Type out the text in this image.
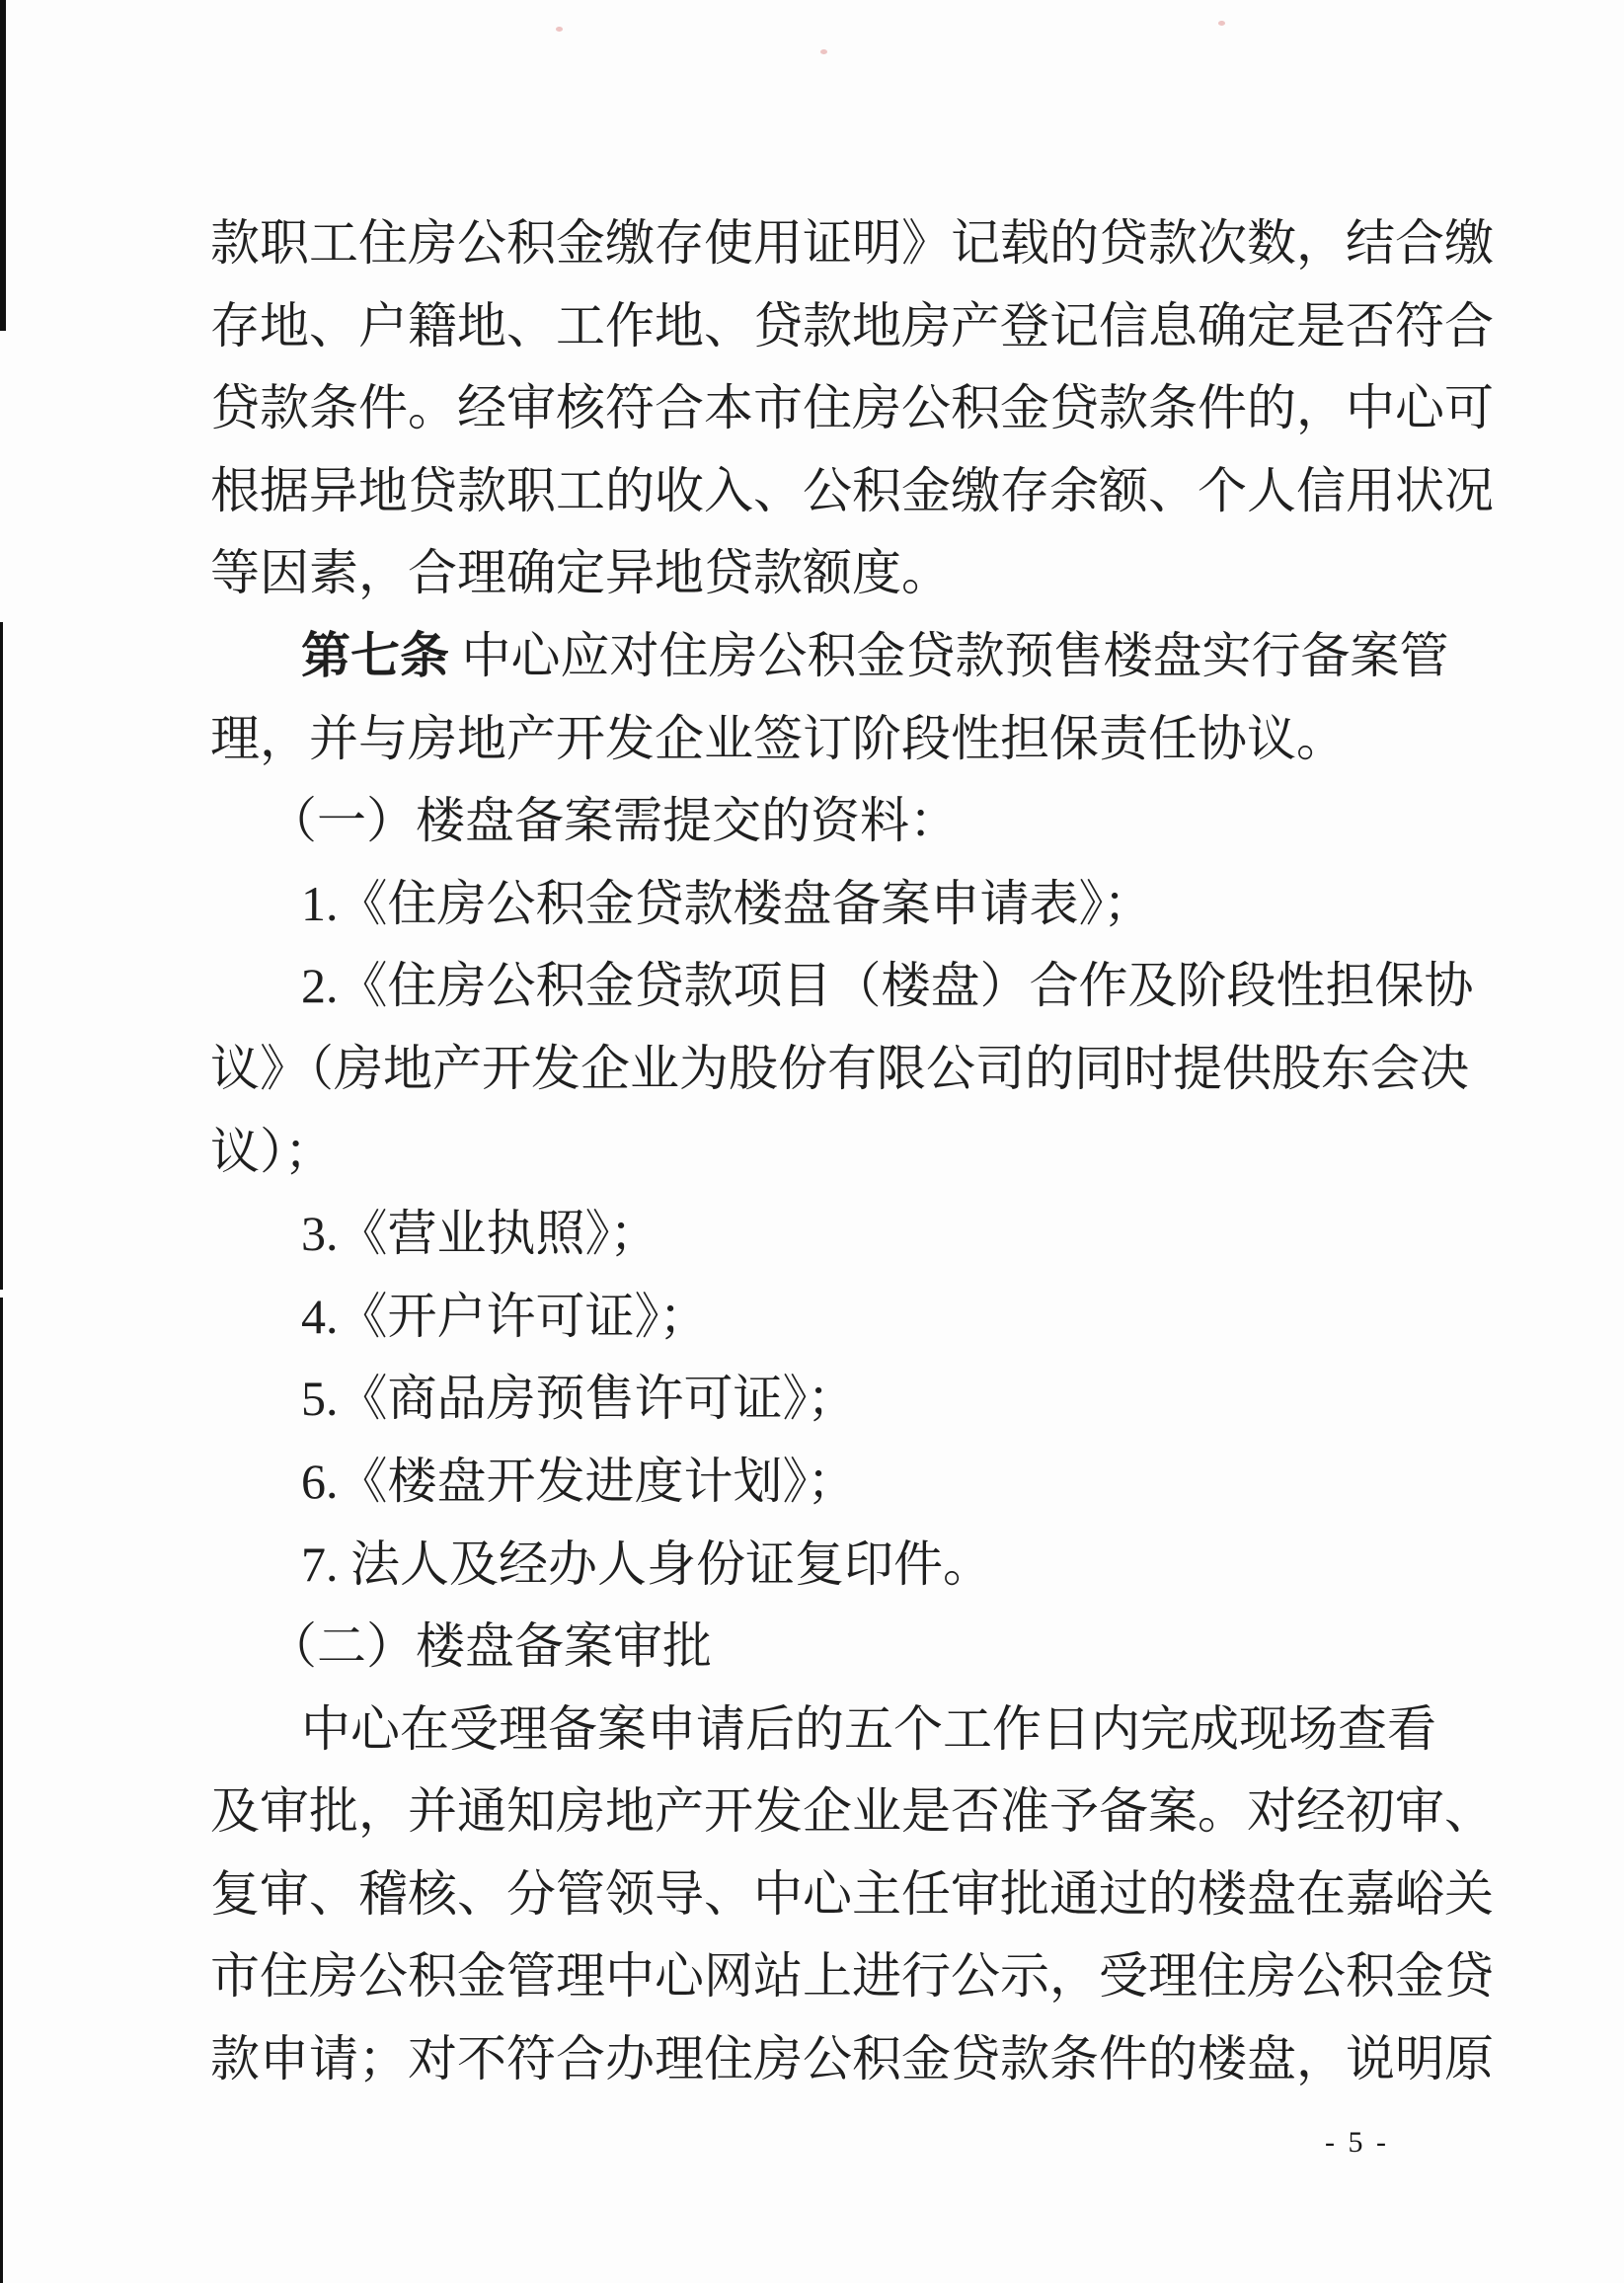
款职工住房公积金缴存使用证明》记载的贷款次数，结合缴
存地、户籍地、工作地、贷款地房产登记信息确定是否符合
贷款条件。经审核符合本市住房公积金贷款条件的，中心可
根据异地贷款职工的收入、公积金缴存余额、个人信用状况
等因素，合理确定异地贷款额度。
第七条 中心应对住房公积金贷款预售楼盘实行备案管
理，并与房地产开发企业签订阶段性担保责任协议。
（一）楼盘备案需提交的资料：
1.《住房公积金贷款楼盘备案申请表》；
2.《住房公积金贷款项目（楼盘）合作及阶段性担保协
议》（房地产开发企业为股份有限公司的同时提供股东会决
议）；
3.《营业执照》；
4.《开户许可证》；
5.《商品房预售许可证》；
6.《楼盘开发进度计划》；
7. 法人及经办人身份证复印件。
（二）楼盘备案审批
中心在受理备案申请后的五个工作日内完成现场查看
及审批，并通知房地产开发企业是否准予备案。对经初审、
复审、稽核、分管领导、中心主任审批通过的楼盘在嘉峪关
市住房公积金管理中心网站上进行公示，受理住房公积金贷
款申请；对不符合办理住房公积金贷款条件的楼盘，说明原
- 5 -
